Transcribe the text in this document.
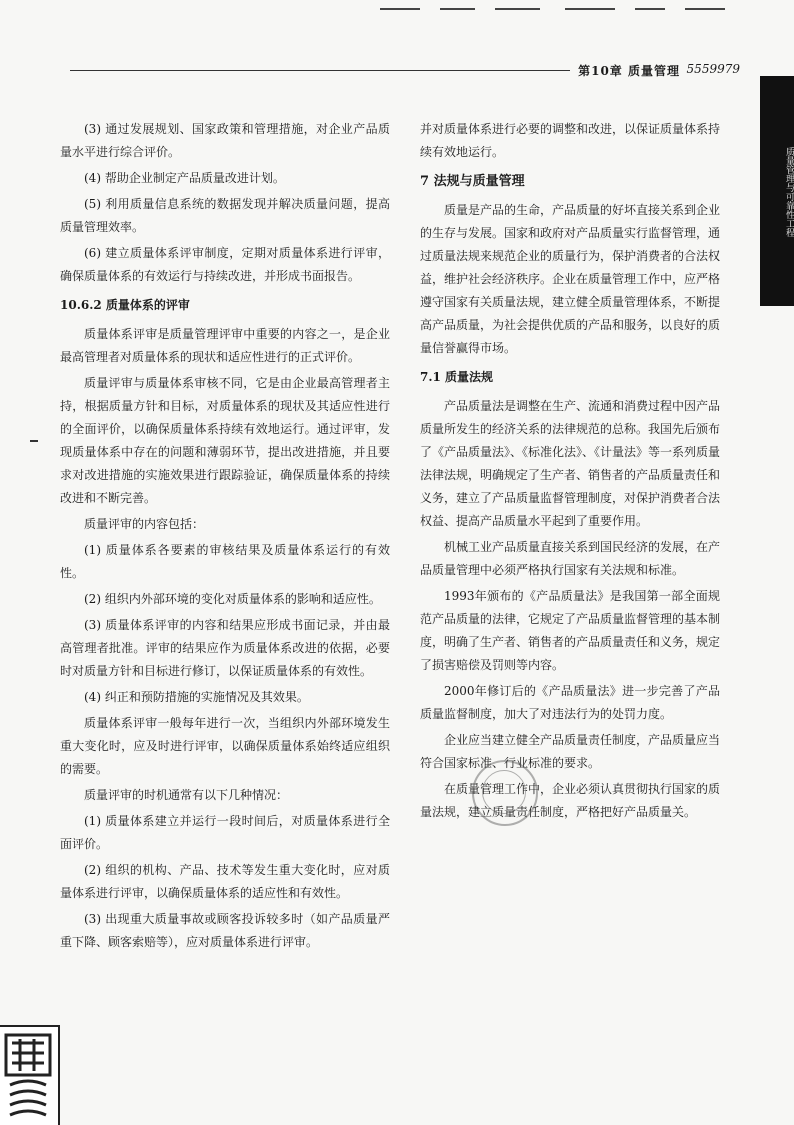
第10章 质量管理 5559979
质量管理与可靠性工程

(3) 通过发展规划、国家政策和管理措施，对企业产品质量水平进行综合评价。

(4) 帮助企业制定产品质量改进计划。

(5) 利用质量信息系统的数据发现并解决质量问题，提高质量管理效率。

(6) 建立质量体系评审制度，定期对质量体系进行评审，确保质量体系的有效运行与持续改进，并形成书面报告。

10.6.2 质量体系的评审

质量体系评审是质量管理评审中重要的内容之一，是企业最高管理者对质量体系的现状和适应性进行的正式评价。

质量评审与质量体系审核不同，它是由企业最高管理者主持，根据质量方针和目标，对质量体系的现状及其适应性进行的全面评价，以确保质量体系持续有效地运行。通过评审，发现质量体系中存在的问题和薄弱环节，提出改进措施，并且要求对改进措施的实施效果进行跟踪验证，确保质量体系的持续改进和不断完善。

质量评审的内容包括：

(1) 质量体系各要素的审核结果及质量体系运行的有效性。

(2) 组织内外部环境的变化对质量体系的影响和适应性。

(3) 质量体系评审的内容和结果应形成书面记录，并由最高管理者批准。评审的结果应作为质量体系改进的依据，必要时对质量方针和目标进行修订，以保证质量体系的有效性。

(4) 纠正和预防措施的实施情况及其效果。

质量体系评审一般每年进行一次，当组织内外部环境发生重大变化时，应及时进行评审，以确保质量体系始终适应组织的需要。

质量评审的时机通常有以下几种情况：

(1) 质量体系建立并运行一段时间后，对质量体系进行全面评价。

(2) 组织的机构、产品、技术等发生重大变化时，应对质量体系进行评审，以确保质量体系的适应性和有效性。

(3) 出现重大质量事故或顾客投诉较多时（如产品质量严重下降、顾客索赔等），应对质量体系进行评审。

并对质量体系进行必要的调整和改进，以保证质量体系持续有效地运行。

7 法规与质量管理

质量是产品的生命，产品质量的好坏直接关系到企业的生存与发展。国家和政府对产品质量实行监督管理，通过质量法规来规范企业的质量行为，保护消费者的合法权益，维护社会经济秩序。企业在质量管理工作中，应严格遵守国家有关质量法规，建立健全质量管理体系，不断提高产品质量，为社会提供优质的产品和服务，以良好的质量信誉赢得市场。

7.1 质量法规

产品质量法是调整在生产、流通和消费过程中因产品质量所发生的经济关系的法律规范的总称。我国先后颁布了《产品质量法》、《标准化法》、《计量法》等一系列质量法律法规，明确规定了生产者、销售者的产品质量责任和义务，建立了产品质量监督管理制度，对保护消费者合法权益、提高产品质量水平起到了重要作用。

机械工业产品质量直接关系到国民经济的发展，在产品质量管理中必须严格执行国家有关法规和标准。

1993年颁布的《产品质量法》是我国第一部全面规范产品质量的法律，它规定了产品质量监督管理的基本制度，明确了生产者、销售者的产品质量责任和义务，规定了损害赔偿及罚则等内容。

2000年修订后的《产品质量法》进一步完善了产品质量监督制度，加大了对违法行为的处罚力度。

企业应当建立健全产品质量责任制度，产品质量应当符合国家标准、行业标准的要求。

在质量管理工作中，企业必须认真贯彻执行国家的质量法规，建立质量责任制度，严格把好产品质量关。
